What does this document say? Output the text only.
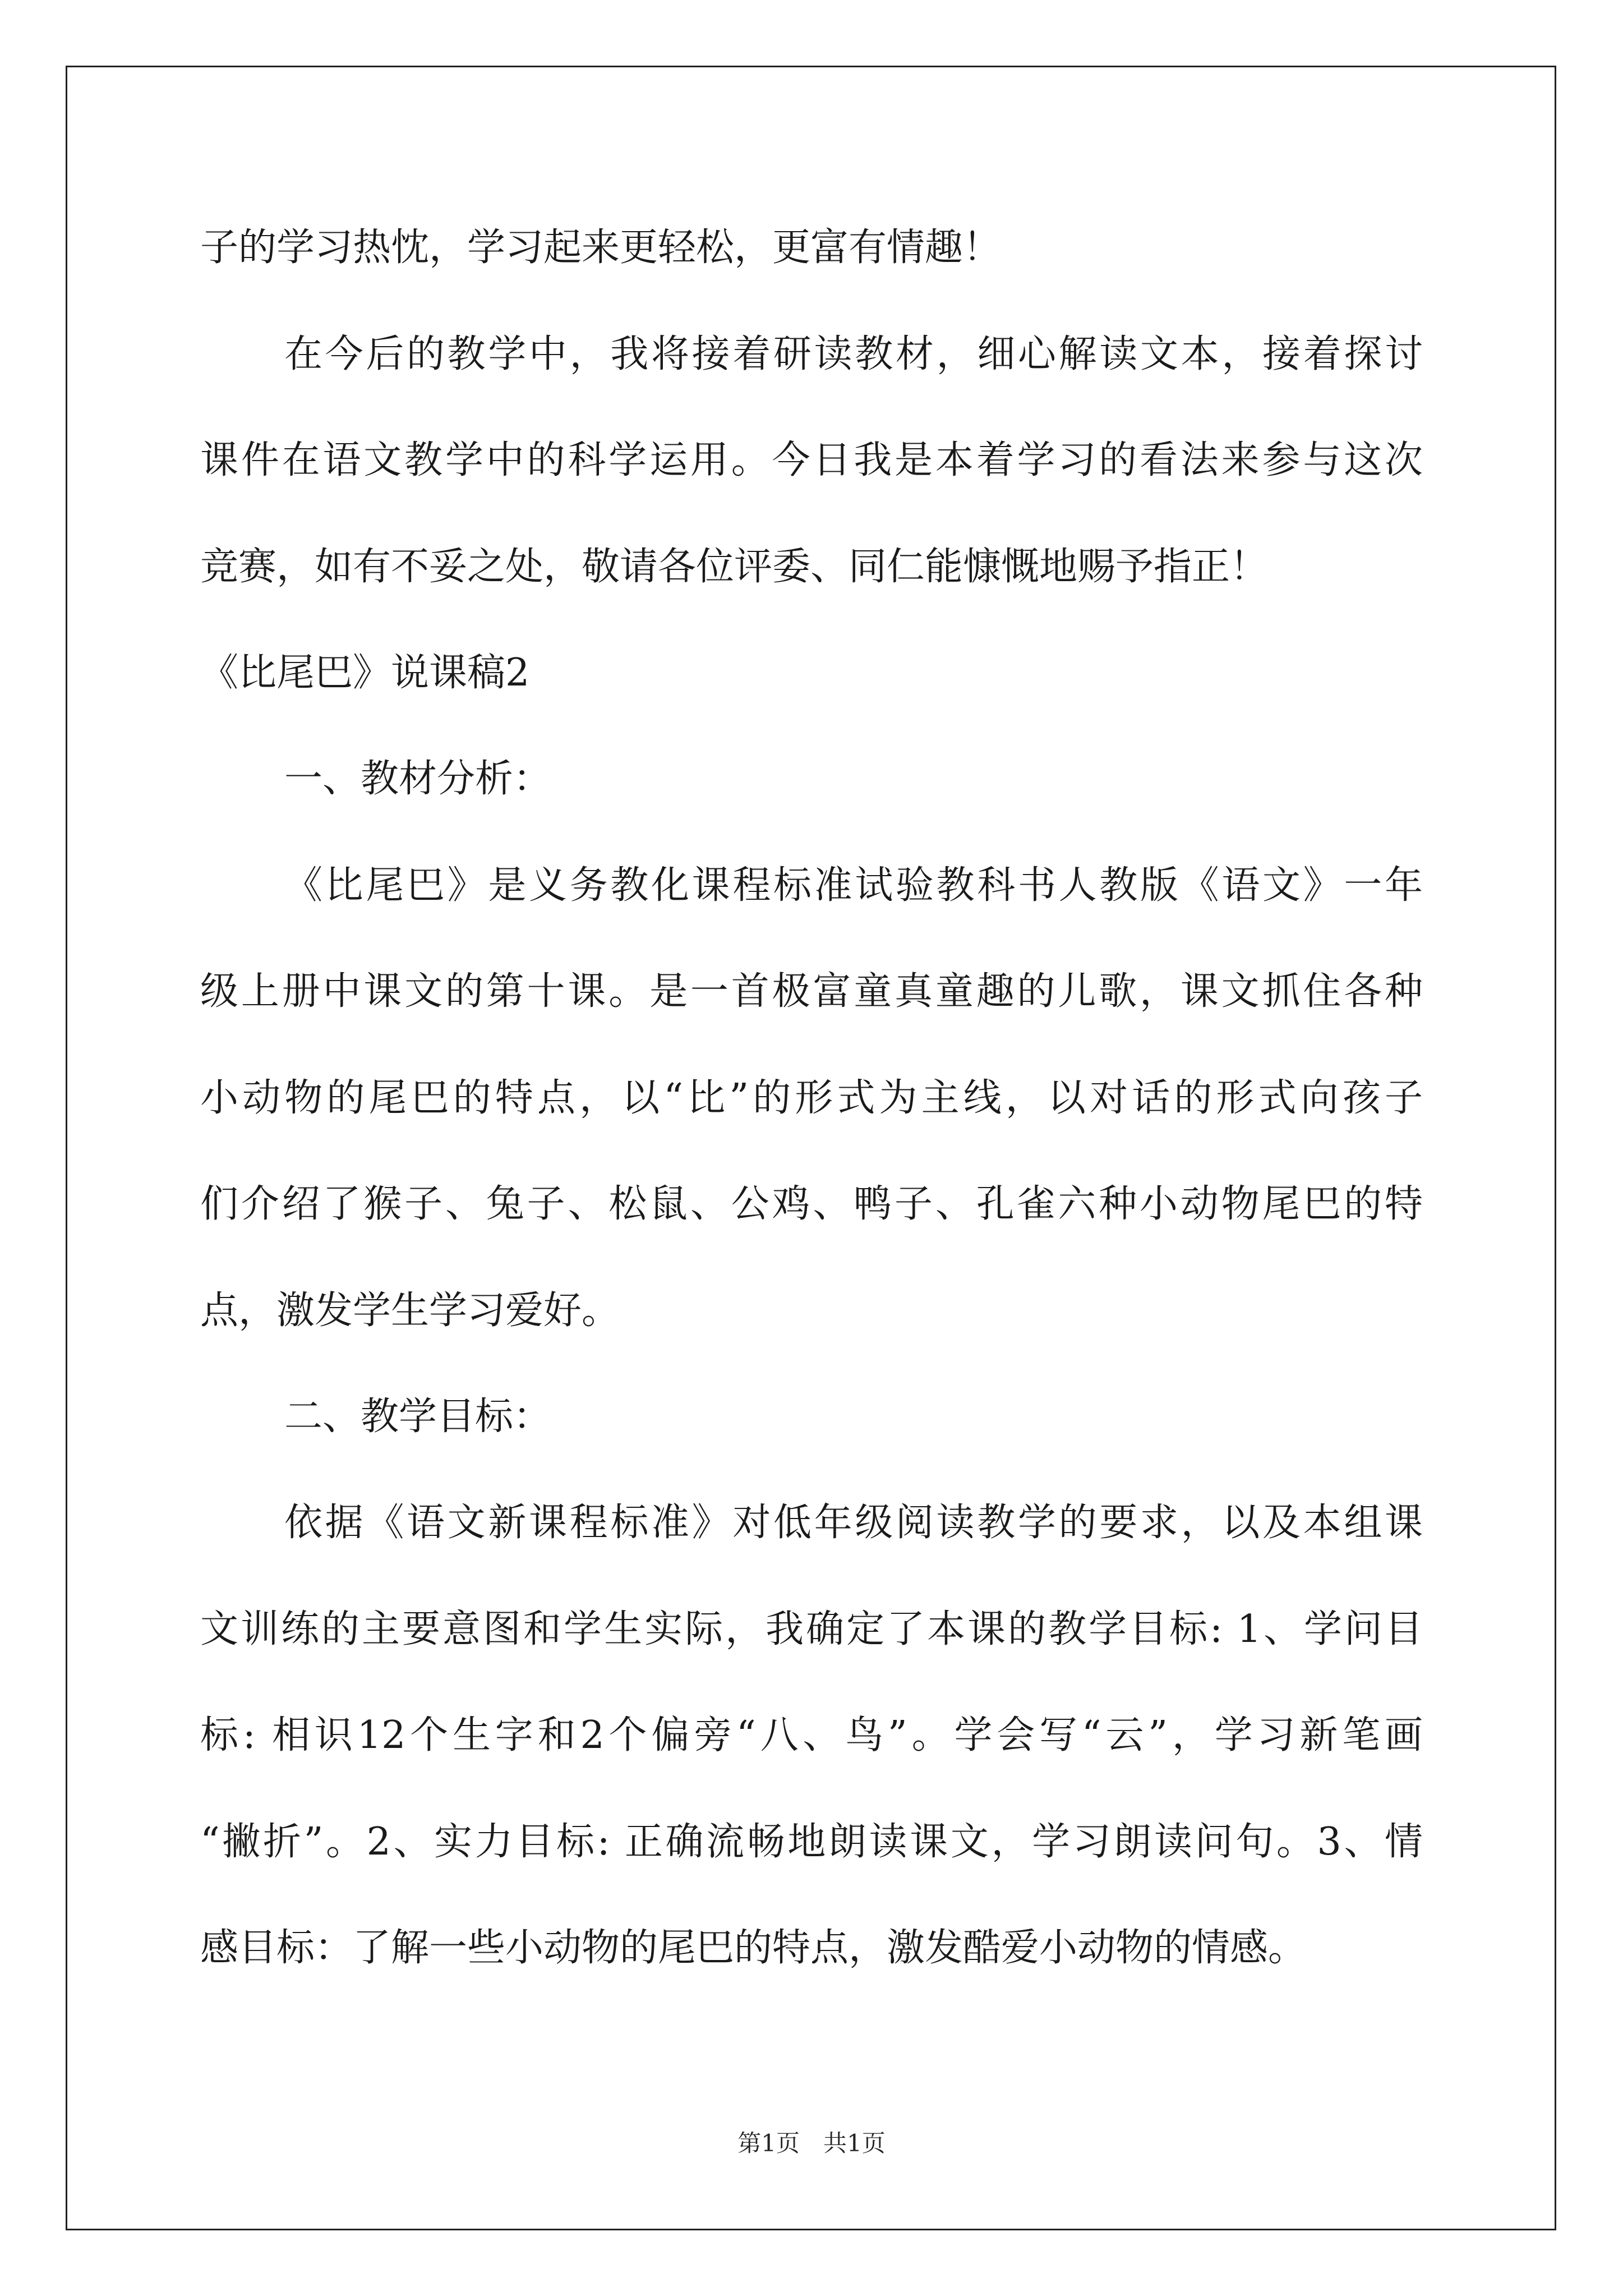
子的学习热忱，学习起来更轻松，更富有情趣！
在今后的教学中，我将接着研读教材，细心解读文本，接着探讨
课件在语文教学中的科学运用。今日我是本着学习的看法来参与这次
竞赛，如有不妥之处，敬请各位评委、同仁能慷慨地赐予指正！
《比尾巴》说课稿2
一、教材分析：
《比尾巴》是义务教化课程标准试验教科书人教版《语文》一年
级上册中课文的第十课。是一首极富童真童趣的儿歌，课文抓住各种
小动物的尾巴的特点，以“比”的形式为主线，以对话的形式向孩子
们介绍了猴子、兔子、松鼠、公鸡、鸭子、孔雀六种小动物尾巴的特
点，激发学生学习爱好。
二、教学目标：
依据《语文新课程标准》对低年级阅读教学的要求，以及本组课
文训练的主要意图和学生实际，我确定了本课的教学目标: 1、学问目
标: 相识12个生字和2个偏旁“八、鸟”。学会写“云”，学习新笔画
“撇折”。2、实力目标: 正确流畅地朗读课文，学习朗读问句。3、情
感目标：了解一些小动物的尾巴的特点，激发酷爱小动物的情感。
第1页 共1页
